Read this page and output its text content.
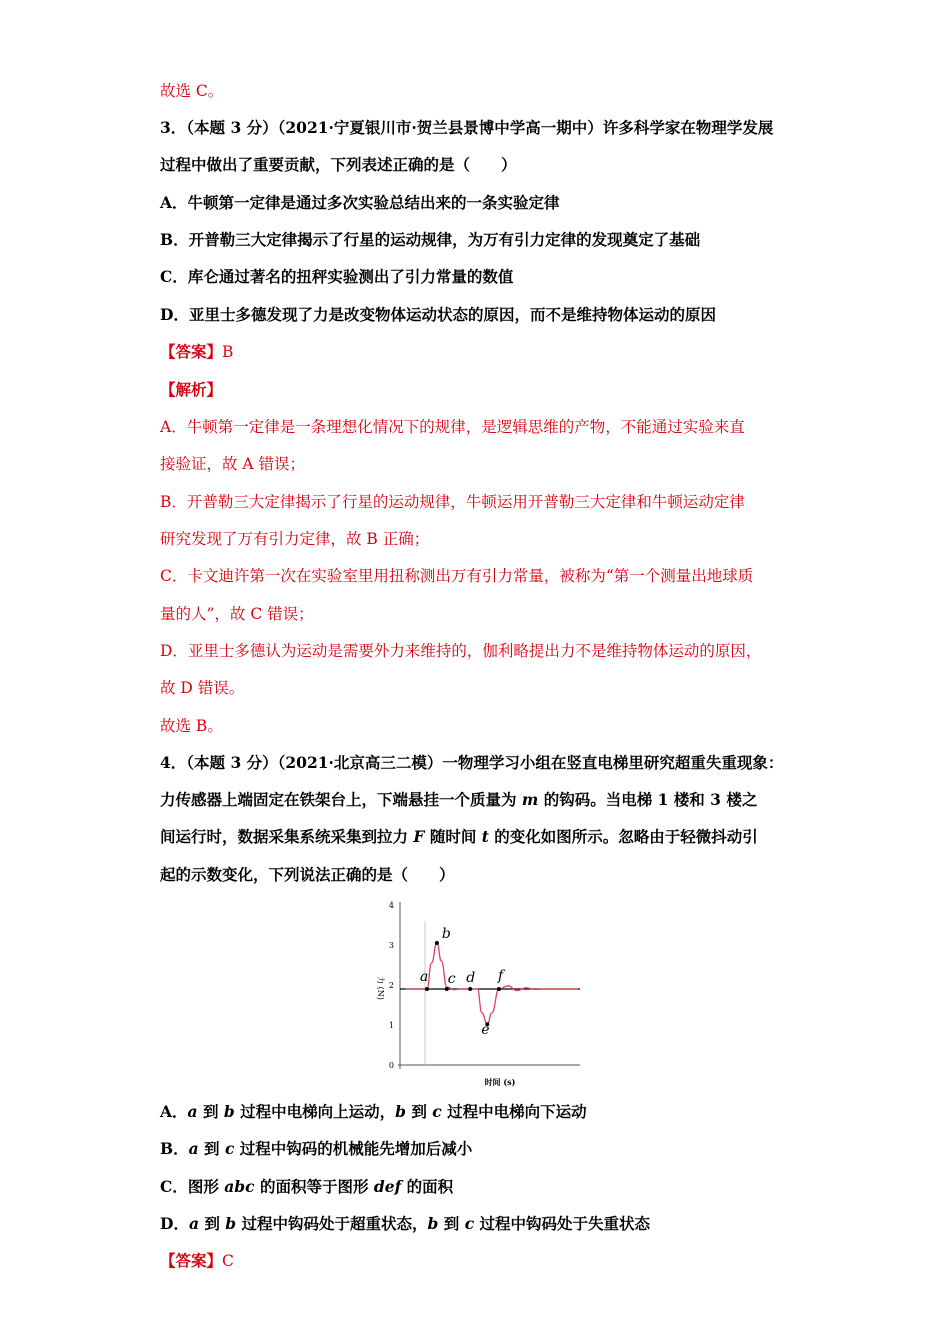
故选 C。
3．（本题 3 分）（2021·宁夏银川市·贺兰县景博中学高一期中）许多科学家在物理学发展
过程中做出了重要贡献，下列表述正确的是（　　）
A．牛顿第一定律是通过多次实验总结出来的一条实验定律
B．开普勒三大定律揭示了行星的运动规律，为万有引力定律的发现奠定了基础
C．库仑通过著名的扭秤实验测出了引力常量的数值
D．亚里士多德发现了力是改变物体运动状态的原因，而不是维持物体运动的原因
【答案】B
【解析】
A．牛顿第一定律是一条理想化情况下的规律，是逻辑思维的产物，不能通过实验来直
接验证，故 A 错误；
B．开普勒三大定律揭示了行星的运动规律，牛顿运用开普勒三大定律和牛顿运动定律
研究发现了万有引力定律，故 B 正确；
C．卡文迪许第一次在实验室里用扭称测出万有引力常量，被称为“第一个测量出地球质
量的人”，故 C 错误；
D．亚里士多德认为运动是需要外力来维持的，伽利略提出力不是维持物体运动的原因，
故 D 错误。
故选 B。
4．（本题 3 分）（2021·北京高三二模）一物理学习小组在竖直电梯里研究超重失重现象：
力传感器上端固定在铁架台上，下端悬挂一个质量为 m 的钩码。当电梯 1 楼和 3 楼之
间运行时，数据采集系统采集到拉力 F 随时间 t 的变化如图所示。忽略由于轻微抖动引
起的示数变化，下列说法正确的是（　　）
0
1
2
3
4
a
b
c d
e
f
力 (N)
时间 (s)
A．a 到 b 过程中电梯向上运动，b 到 c 过程中电梯向下运动
B．a 到 c 过程中钩码的机械能先增加后减小
C．图形 abc 的面积等于图形 def 的面积
D．a 到 b 过程中钩码处于超重状态，b 到 c 过程中钩码处于失重状态
【答案】C
